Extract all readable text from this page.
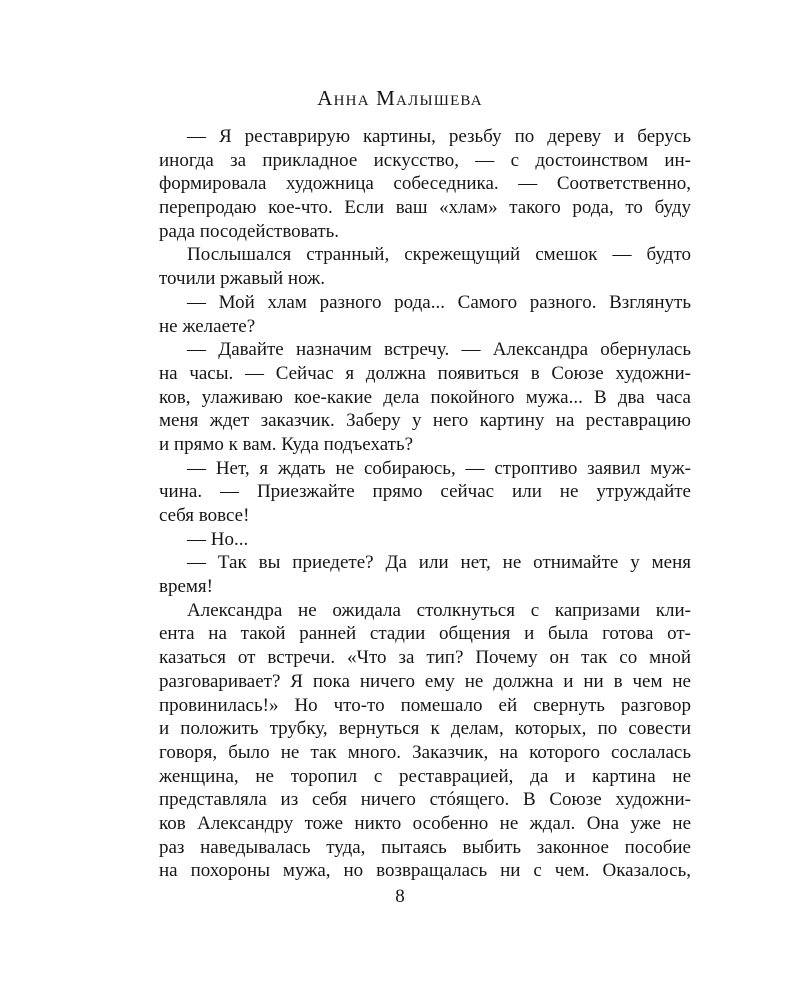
Анна Малышева
— Я реставрирую картины, резьбу по дереву и берусь
иногда за прикладное искусство, — с достоинством ин-
формировала художница собеседника. — Соответственно,
перепродаю кое-что. Если ваш «хлам» такого рода, то буду
рада посодействовать.
Послышался странный, скрежещущий смешок — будто
точили ржавый нож.
— Мой хлам разного рода... Самого разного. Взглянуть
не желаете?
— Давайте назначим встречу. — Александра обернулась
на часы. — Сейчас я должна появиться в Союзе художни-
ков, улаживаю кое-какие дела покойного мужа... В два часа
меня ждет заказчик. Заберу у него картину на реставрацию
и прямо к вам. Куда подъехать?
— Нет, я ждать не собираюсь, — строптиво заявил муж-
чина. — Приезжайте прямо сейчас или не утруждайте
себя вовсе!
— Но...
— Так вы приедете? Да или нет, не отнимайте у меня
время!
Александра не ожидала столкнуться с капризами кли-
ента на такой ранней стадии общения и была готова от-
казаться от встречи. «Что за тип? Почему он так со мной
разговаривает? Я пока ничего ему не должна и ни в чем не
провинилась!» Но что-то помешало ей свернуть разговор
и положить трубку, вернуться к делам, которых, по совести
говоря, было не так много. Заказчик, на которого сослалась
женщина, не торопил с реставрацией, да и картина не
представляла из себя ничего стóящего. В Союзе художни-
ков Александру тоже никто особенно не ждал. Она уже не
раз наведывалась туда, пытаясь выбить законное пособие
на похороны мужа, но возвращалась ни с чем. Оказалось,
8
